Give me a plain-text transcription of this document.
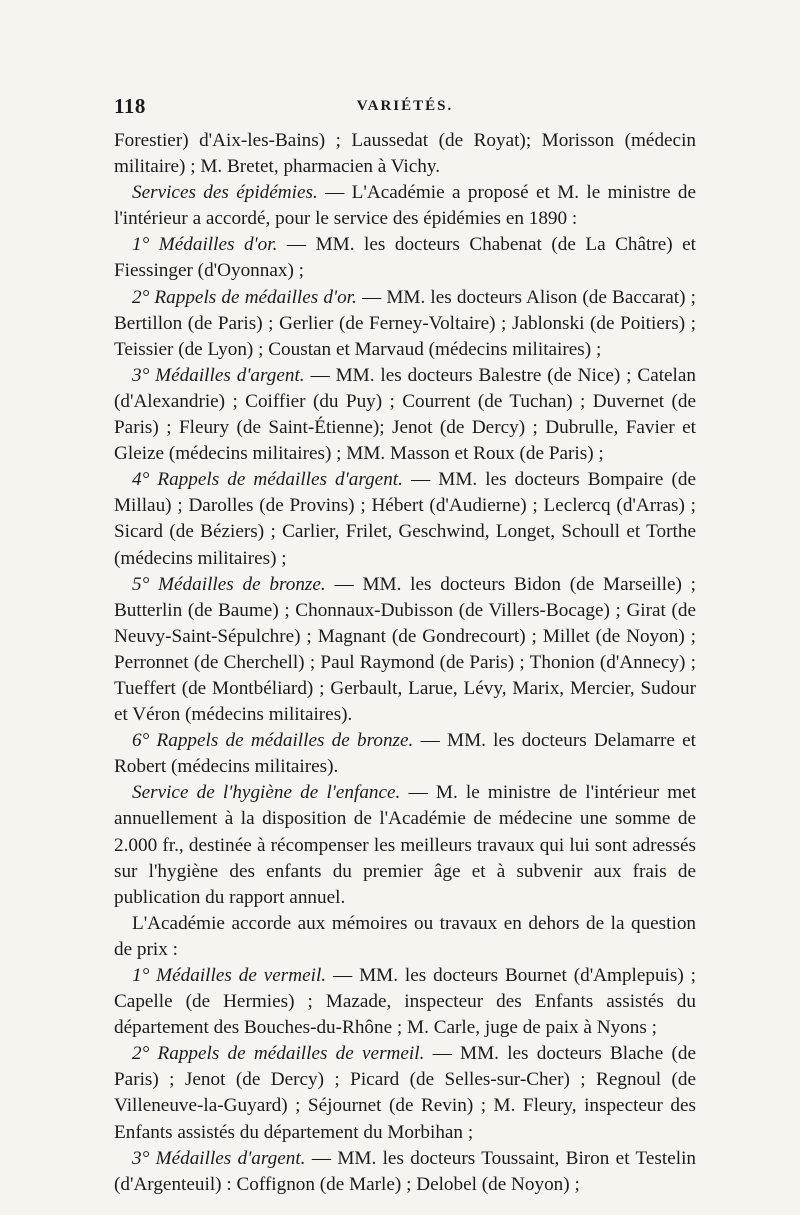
118	VARIÉTÉS.

Forestier) d'Aix-les-Bains) ; Laussedat (de Royat); Morisson (médecin militaire) ; M. Bretet, pharmacien à Vichy.

Services des épidémies. — L'Académie a proposé et M. le ministre de l'intérieur a accordé, pour le service des épidémies en 1890 :

1° Médailles d'or. — MM. les docteurs Chabenat (de La Châtre) et Fiessinger (d'Oyonnax) ;

2° Rappels de médailles d'or. — MM. les docteurs Alison (de Baccarat) ; Bertillon (de Paris) ; Gerlier (de Ferney-Voltaire) ; Jablonski (de Poitiers) ; Teissier (de Lyon) ; Coustan et Marvaud (médecins militaires) ;

3° Médailles d'argent. — MM. les docteurs Balestre (de Nice) ; Catelan (d'Alexandrie) ; Coiffier (du Puy) ; Courrent (de Tuchan) ; Duvernet (de Paris) ; Fleury (de Saint-Étienne); Jenot (de Dercy) ; Dubrulle, Favier et Gleize (médecins militaires) ; MM. Masson et Roux (de Paris) ;

4° Rappels de médailles d'argent. — MM. les docteurs Bompaire (de Millau) ; Darolles (de Provins) ; Hébert (d'Audierne) ; Leclercq (d'Arras) ; Sicard (de Béziers) ; Carlier, Frilet, Geschwind, Longet, Schoull et Torthe (médecins militaires) ;

5° Médailles de bronze. — MM. les docteurs Bidon (de Marseille) ; Butterlin (de Baume) ; Chonnaux-Dubisson (de Villers-Bocage) ; Girat (de Neuvy-Saint-Sépulchre) ; Magnant (de Gondrecourt) ; Millet (de Noyon) ; Perronnet (de Cherchell) ; Paul Raymond (de Paris) ; Thonion (d'Annecy) ; Tueffert (de Montbéliard) ; Gerbault, Larue, Lévy, Marix, Mercier, Sudour et Véron (médecins militaires).

6° Rappels de médailles de bronze. — MM. les docteurs Delamarre et Robert (médecins militaires).

Service de l'hygiène de l'enfance. — M. le ministre de l'intérieur met annuellement à la disposition de l'Académie de médecine une somme de 2.000 fr., destinée à récompenser les meilleurs travaux qui lui sont adressés sur l'hygiène des enfants du premier âge et à subvenir aux frais de publication du rapport annuel.

L'Académie accorde aux mémoires ou travaux en dehors de la question de prix :

1° Médailles de vermeil. — MM. les docteurs Bournet (d'Amplepuis) ; Capelle (de Hermies) ; Mazade, inspecteur des Enfants assistés du département des Bouches-du-Rhône ; M. Carle, juge de paix à Nyons ;

2° Rappels de médailles de vermeil. — MM. les docteurs Blache (de Paris) ; Jenot (de Dercy) ; Picard (de Selles-sur-Cher) ; Regnoul (de Villeneuve-la-Guyard) ; Séjournet (de Revin) ; M. Fleury, inspecteur des Enfants assistés du département du Morbihan ;

3° Médailles d'argent. — MM. les docteurs Toussaint, Biron et Testelin (d'Argenteuil) : Coffignon (de Marle) ; Delobel (de Noyon) ;
